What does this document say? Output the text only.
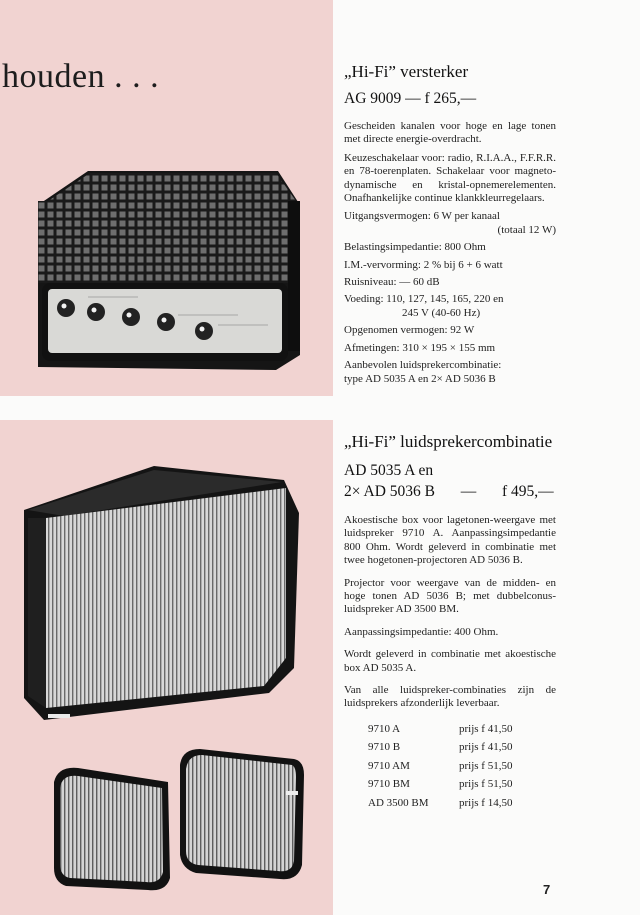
houden . . .	„Hi-Fi” versterker
AG 9009 — f 265,—

Gescheiden kanalen voor hoge en lage tonen met directe energie-overdracht.

Keuzeschakelaar voor: radio, R.I.A.A., F.F.R.R. en 78-toerenplaten. Schakelaar voor magneto-dynamische en kristal-opnemerelementen. Onafhankelijke continue klankkleurregelaars.

Uitgangsvermogen: 6 W per kanaal

(totaal 12 W)

Belastingsimpedantie: 800 Ohm

I.M.-vervorming: 2 % bij 6 + 6 watt

Ruisniveau: — 60 dB

Voeding: 110, 127, 145, 165, 220 en

245 V (40-60 Hz)

Opgenomen vermogen: 92 W

Afmetingen: 310 × 195 × 155 mm

Aanbevolen luidsprekercombinatie:

type AD 5035 A en 2× AD 5036 B

„Hi-Fi” luidsprekercombinatie
AD 5035 A en
2× AD 5036 B — f 495,—

Akoestische box voor lagetonen-weergave met luidspreker 9710 A. Aanpassingsimpedantie 800 Ohm. Wordt geleverd in combinatie met twee hogetonen-projectoren AD 5036 B.

Projector voor weergave van de midden- en hoge tonen AD 5036 B; met dubbelconus-luidspreker AD 3500 BM.

Aanpassingsimpedantie: 400 Ohm.

Wordt geleverd in combinatie met akoestische box AD 5035 A.

Van alle luidspreker-combinaties zijn de luidsprekers afzonderlijk leverbaar.

9710 A	prijs f 41,50
9710 B	prijs f 41,50
9710 AM	prijs f 51,50
9710 BM	prijs f 51,50
AD 3500 BM	prijs f 14,50
7
